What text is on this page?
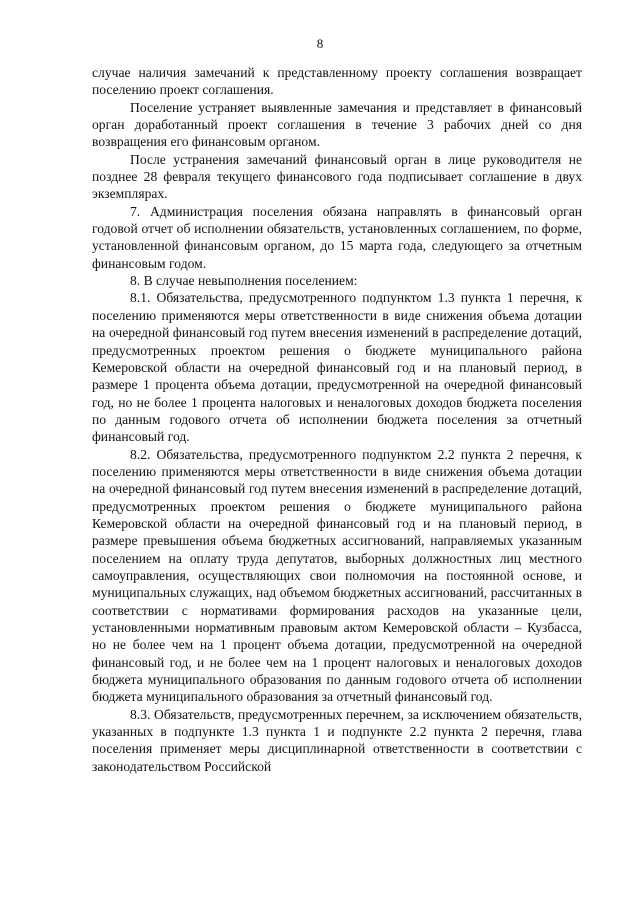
8

случае наличия замечаний к представленному проекту соглашения возвращает поселению проект соглашения.

Поселение устраняет выявленные замечания и представляет в финансовый орган доработанный проект соглашения в течение 3 рабочих дней со дня возвращения его финансовым органом.

После устранения замечаний финансовый орган в лице руководителя не позднее 28 февраля текущего финансового года подписывает соглашение в двух экземплярах.

7. Администрация поселения обязана направлять в финансовый орган годовой отчет об исполнении обязательств, установленных соглашением, по форме, установленной финансовым органом, до 15 марта года, следующего за отчетным финансовым годом.

8. В случае невыполнения поселением:

8.1. Обязательства, предусмотренного подпунктом 1.3 пункта 1 перечня, к поселению применяются меры ответственности в виде снижения объема дотации на очередной финансовый год путем внесения изменений в распределение дотаций, предусмотренных проектом решения о бюджете муниципального района Кемеровской области на очередной финансовый год и на плановый период, в размере 1 процента объема дотации, предусмотренной на очередной финансовый год, но не более 1 процента налоговых и неналоговых доходов бюджета поселения по данным годового отчета об исполнении бюджета поселения за отчетный финансовый год.

8.2. Обязательства, предусмотренного подпунктом 2.2 пункта 2 перечня, к поселению применяются меры ответственности в виде снижения объема дотации на очередной финансовый год путем внесения изменений в распределение дотаций, предусмотренных проектом решения о бюджете муниципального района Кемеровской области на очередной финансовый год и на плановый период, в размере превышения объема бюджетных ассигнований, направляемых указанным поселением на оплату труда депутатов, выборных должностных лиц местного самоуправления, осуществляющих свои полномочия на постоянной основе, и муниципальных служащих, над объемом бюджетных ассигнований, рассчитанных в соответствии с нормативами формирования расходов на указанные цели, установленными нормативным правовым актом Кемеровской области – Кузбасса, но не более чем на 1 процент объема дотации, предусмотренной на очередной финансовый год, и не более чем на 1 процент налоговых и неналоговых доходов бюджета муниципального образования по данным годового отчета об исполнении бюджета муниципального образования за отчетный финансовый год.

8.3. Обязательств, предусмотренных перечнем, за исключением обязательств, указанных в подпункте 1.3 пункта 1 и подпункте 2.2 пункта 2 перечня, глава поселения применяет меры дисциплинарной ответственности в соответствии с законодательством Российской
